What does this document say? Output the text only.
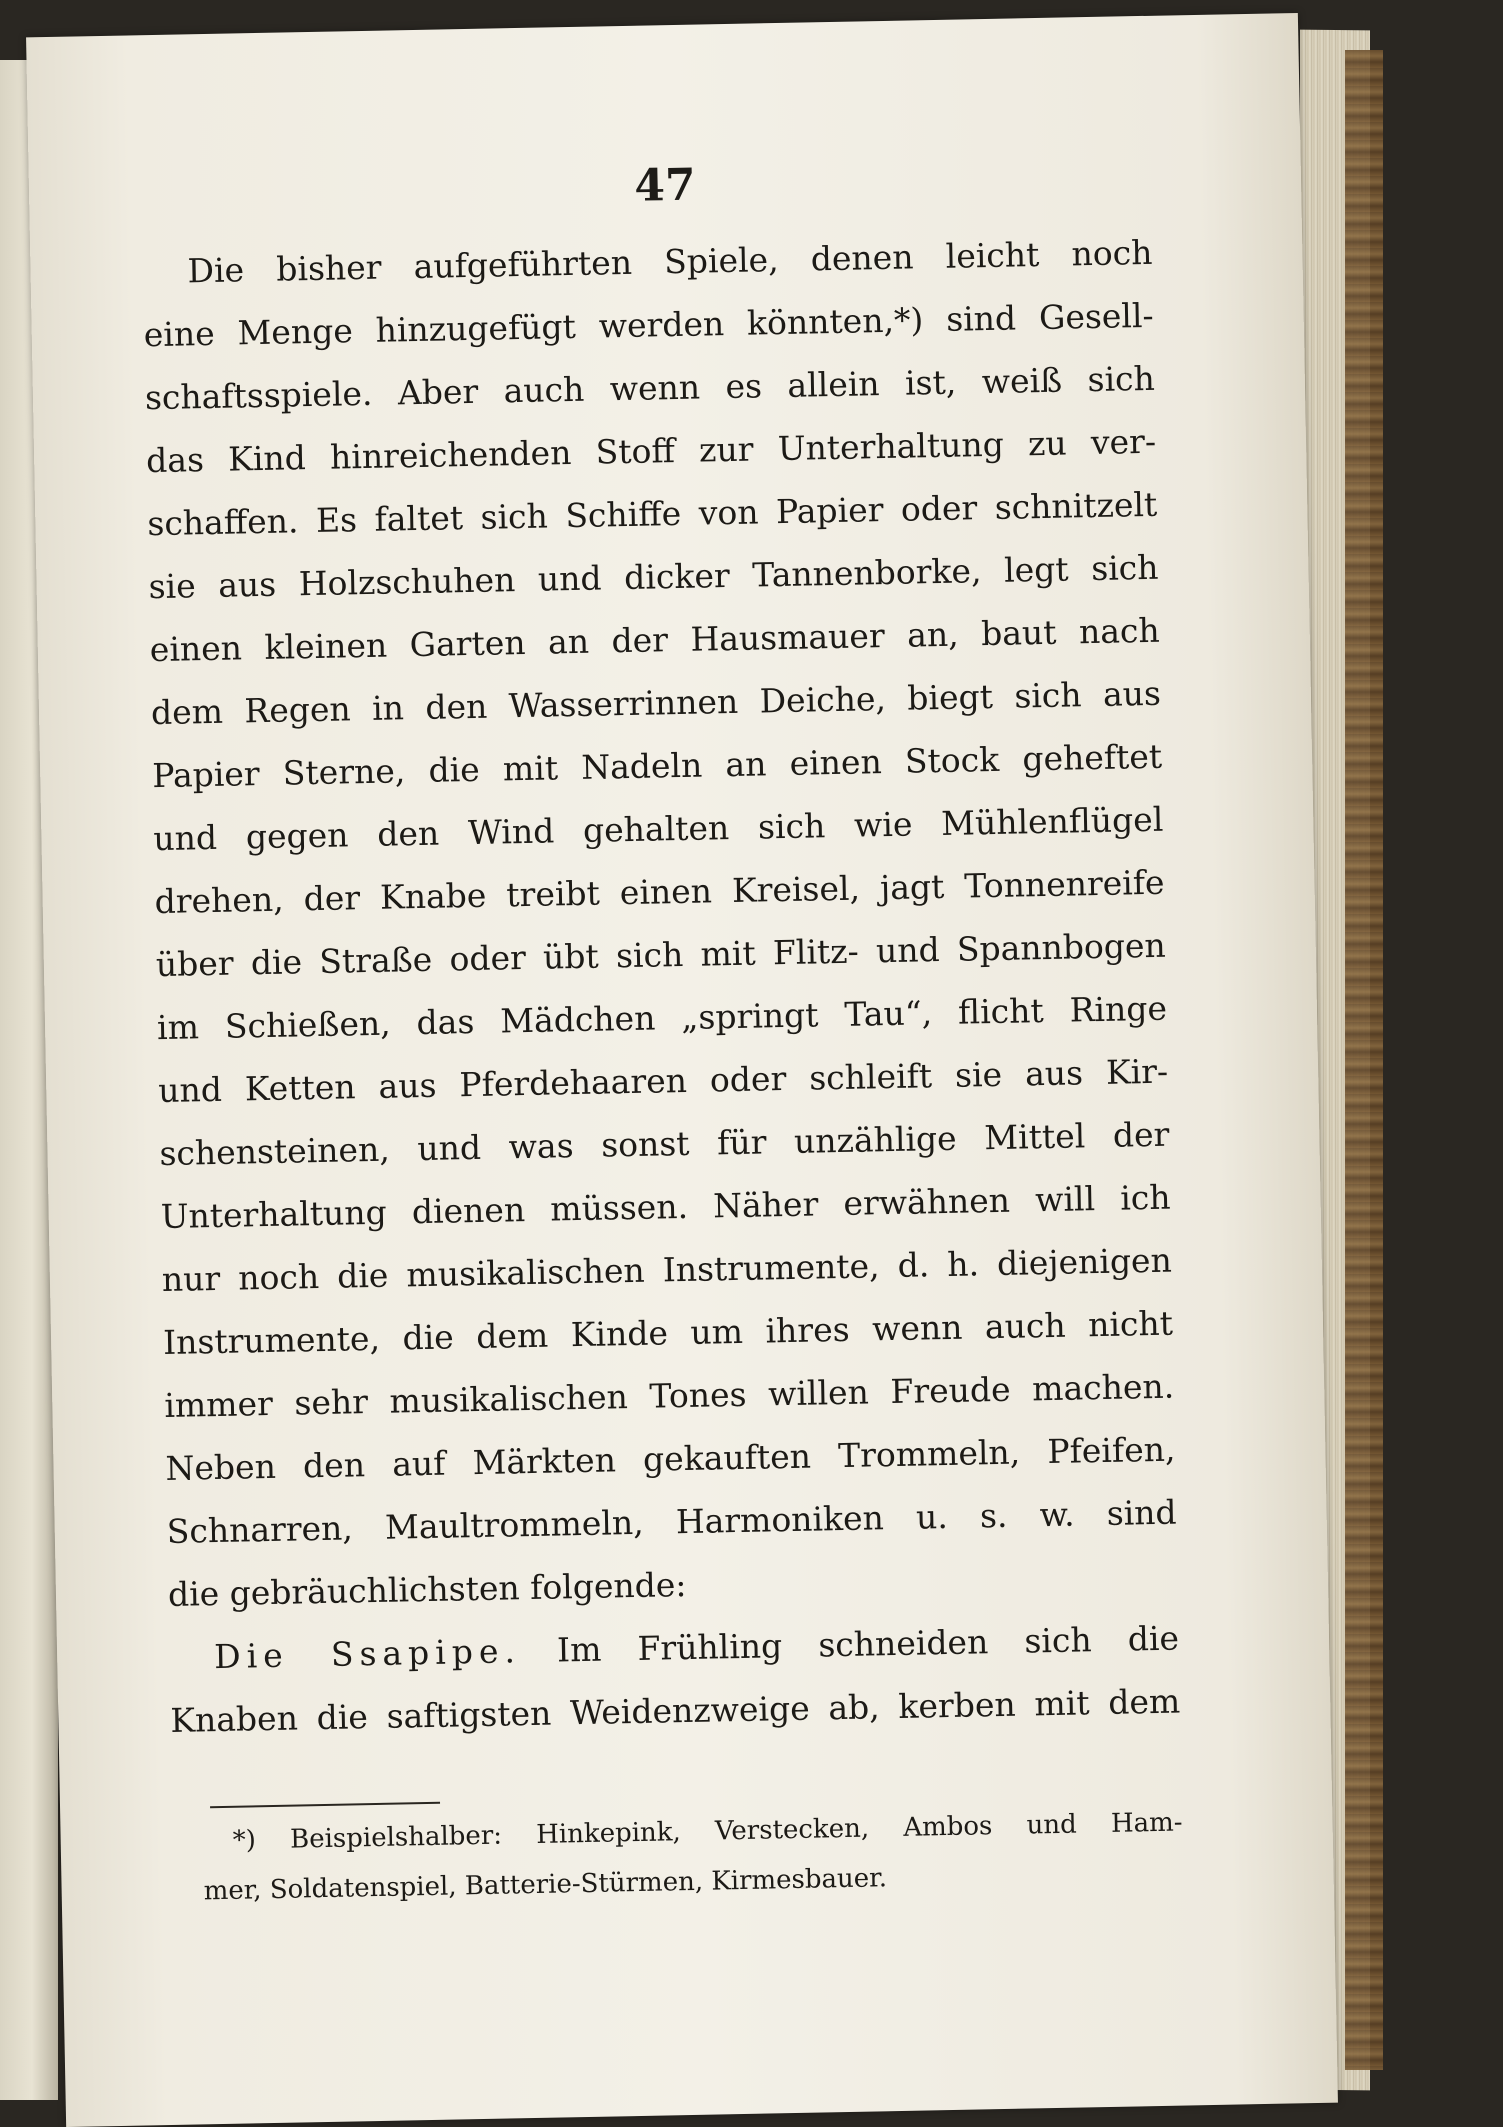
47
Die bisher aufgeführten Spiele, denen leicht noch
eine Menge hinzugefügt werden könnten,*) sind Gesell-
schaftsspiele. Aber auch wenn es allein ist, weiß sich
das Kind hinreichenden Stoff zur Unterhaltung zu ver-
schaffen. Es faltet sich Schiffe von Papier oder schnitzelt
sie aus Holzschuhen und dicker Tannenborke, legt sich
einen kleinen Garten an der Hausmauer an, baut nach
dem Regen in den Wasserrinnen Deiche, biegt sich aus
Papier Sterne, die mit Nadeln an einen Stock geheftet
und gegen den Wind gehalten sich wie Mühlenflügel
drehen, der Knabe treibt einen Kreisel, jagt Tonnenreife
über die Straße oder übt sich mit Flitz- und Spannbogen
im Schießen, das Mädchen „springt Tau“, flicht Ringe
und Ketten aus Pferdehaaren oder schleift sie aus Kir-
schensteinen, und was sonst für unzählige Mittel der
Unterhaltung dienen müssen. Näher erwähnen will ich
nur noch die musikalischen Instrumente, d. h. diejenigen
Instrumente, die dem Kinde um ihres wenn auch nicht
immer sehr musikalischen Tones willen Freude machen.
Neben den auf Märkten gekauften Trommeln, Pfeifen,
Schnarren, Maultrommeln, Harmoniken u. s. w. sind
die gebräuchlichsten folgende:
Die Ssapipe. Im Frühling schneiden sich die
Knaben die saftigsten Weidenzweige ab, kerben mit dem
*) Beispielshalber: Hinkepink, Verstecken, Ambos und Ham-
mer, Soldatenspiel, Batterie-Stürmen, Kirmesbauer.
